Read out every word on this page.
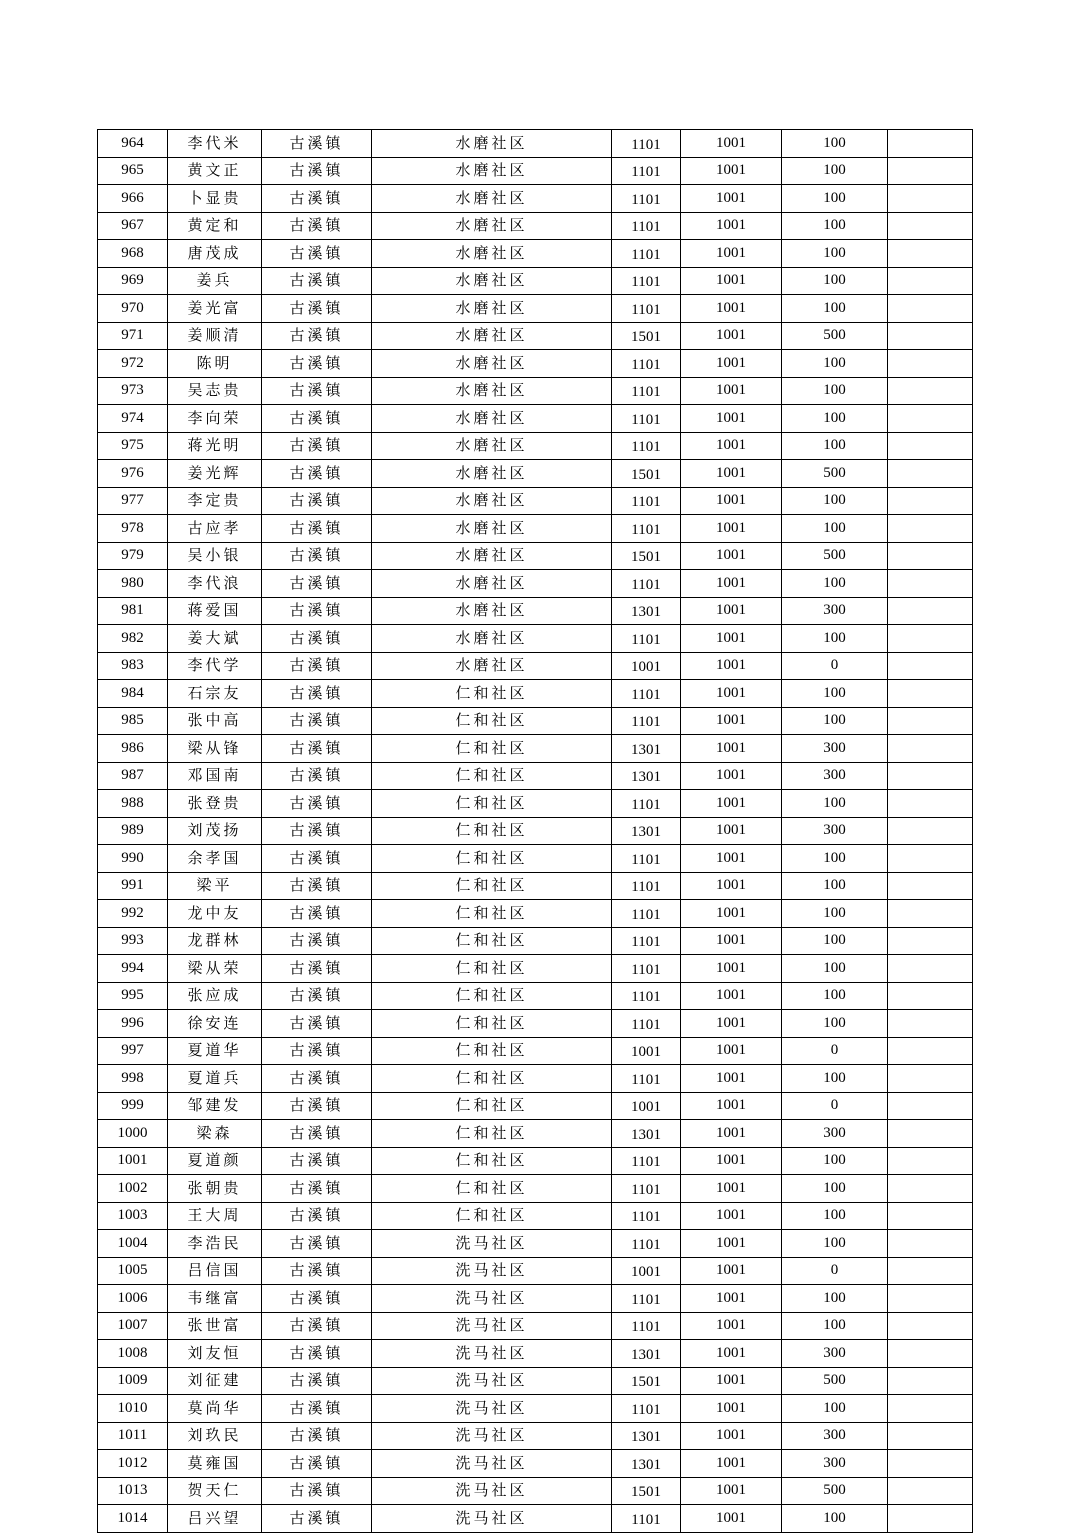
964	李代米	古溪镇	水磨社区	1101	1001	100	
965	黄文正	古溪镇	水磨社区	1101	1001	100	
966	卜显贵	古溪镇	水磨社区	1101	1001	100	
967	黄定和	古溪镇	水磨社区	1101	1001	100	
968	唐茂成	古溪镇	水磨社区	1101	1001	100	
969	姜兵	古溪镇	水磨社区	1101	1001	100	
970	姜光富	古溪镇	水磨社区	1101	1001	100	
971	姜顺清	古溪镇	水磨社区	1501	1001	500	
972	陈明	古溪镇	水磨社区	1101	1001	100	
973	吴志贵	古溪镇	水磨社区	1101	1001	100	
974	李向荣	古溪镇	水磨社区	1101	1001	100	
975	蒋光明	古溪镇	水磨社区	1101	1001	100	
976	姜光辉	古溪镇	水磨社区	1501	1001	500	
977	李定贵	古溪镇	水磨社区	1101	1001	100	
978	古应孝	古溪镇	水磨社区	1101	1001	100	
979	吴小银	古溪镇	水磨社区	1501	1001	500	
980	李代浪	古溪镇	水磨社区	1101	1001	100	
981	蒋爱国	古溪镇	水磨社区	1301	1001	300	
982	姜大斌	古溪镇	水磨社区	1101	1001	100	
983	李代学	古溪镇	水磨社区	1001	1001	0	
984	石宗友	古溪镇	仁和社区	1101	1001	100	
985	张中高	古溪镇	仁和社区	1101	1001	100	
986	梁从锋	古溪镇	仁和社区	1301	1001	300	
987	邓国南	古溪镇	仁和社区	1301	1001	300	
988	张登贵	古溪镇	仁和社区	1101	1001	100	
989	刘茂扬	古溪镇	仁和社区	1301	1001	300	
990	余孝国	古溪镇	仁和社区	1101	1001	100	
991	梁平	古溪镇	仁和社区	1101	1001	100	
992	龙中友	古溪镇	仁和社区	1101	1001	100	
993	龙群林	古溪镇	仁和社区	1101	1001	100	
994	梁从荣	古溪镇	仁和社区	1101	1001	100	
995	张应成	古溪镇	仁和社区	1101	1001	100	
996	徐安连	古溪镇	仁和社区	1101	1001	100	
997	夏道华	古溪镇	仁和社区	1001	1001	0	
998	夏道兵	古溪镇	仁和社区	1101	1001	100	
999	邹建发	古溪镇	仁和社区	1001	1001	0	
1000	梁森	古溪镇	仁和社区	1301	1001	300	
1001	夏道颜	古溪镇	仁和社区	1101	1001	100	
1002	张朝贵	古溪镇	仁和社区	1101	1001	100	
1003	王大周	古溪镇	仁和社区	1101	1001	100	
1004	李浩民	古溪镇	洗马社区	1101	1001	100	
1005	吕信国	古溪镇	洗马社区	1001	1001	0	
1006	韦继富	古溪镇	洗马社区	1101	1001	100	
1007	张世富	古溪镇	洗马社区	1101	1001	100	
1008	刘友恒	古溪镇	洗马社区	1301	1001	300	
1009	刘征建	古溪镇	洗马社区	1501	1001	500	
1010	莫尚华	古溪镇	洗马社区	1101	1001	100	
1011	刘玖民	古溪镇	洗马社区	1301	1001	300	
1012	莫雍国	古溪镇	洗马社区	1301	1001	300	
1013	贺天仁	古溪镇	洗马社区	1501	1001	500	
1014	吕兴望	古溪镇	洗马社区	1101	1001	100	
